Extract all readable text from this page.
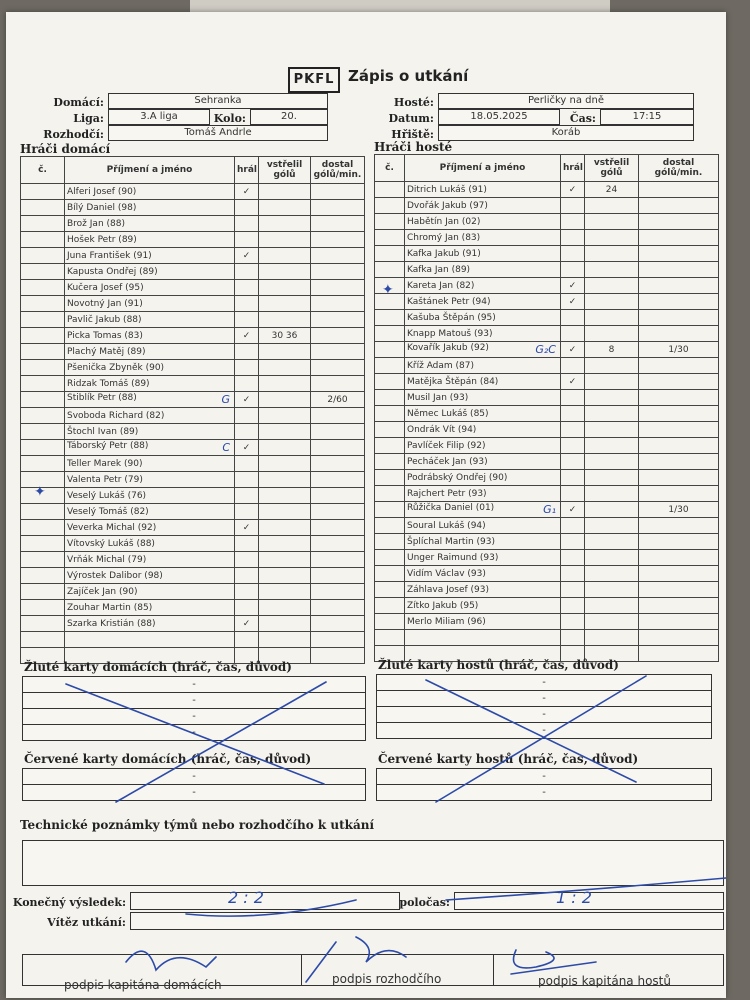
PKFL Zápis o utkání
Domácí:	Sehranka
Liga:	3.A liga	Kolo:	20.
Rozhodčí:	Tomáš Andrle
Hosté:	Perličky na dně
Datum:	18.05.2025	Čas:	17:15
Hřiště:	Koráb
Hráči domácí	Hráči hosté
č.	Příjmení a jméno	hrál	vstřelil gólů	dostal gólů/min.
	Alferi Josef (90)	✓		
	Bílý Daniel (98)			
	Brož Jan (88)			
	Hošek Petr (89)			
	Juna František (91)	✓		
	Kapusta Ondřej (89)			
	Kučera Josef (95)			
	Novotný Jan (91)			
	Pavlič Jakub (88)			
	Picka Tomas (83)	✓	30 36	
	Plachý Matěj (89)			
	Pšenička Zbyněk (90)			
	Ridzak Tomáš (89)			
	Stiblík Petr (88) G	✓		2/60
	Svoboda Richard (82)			
	Štochl Ivan (89)			
	Táborský Petr (88) C	✓		
	Teller Marek (90)			
	Valenta Petr (79)			
	Veselý Lukáš (76)			
	Veselý Tomáš (82)			
	Veverka Michal (92)	✓		
	Vítovský Lukáš (88)			
	Vrňák Michal (79)			
	Výrostek Dalibor (98)			
	Zajíček Jan (90)			
	Zouhar Martin (85)			
	Szarka Kristián (88)	✓		

č.	Příjmení a jméno	hrál	vstřelil gólů	dostal gólů/min.
	Ditrich Lukáš (91)	✓	24	
	Dvořák Jakub (97)			
	Habětín Jan (02)			
	Chromý Jan (83)			
	Kafka Jakub (91)			
	Kafka Jan (89)			
	Kareta Jan (82)	✓		
	Kaštánek Petr (94)	✓		
	Kašuba Štěpán (95)			
	Knapp Matouš (93)			
	Kovařík Jakub (92) G₂C	✓	8	1/30
	Kříž Adam (87)			
	Matějka Štěpán (84)	✓		
	Musil Jan (93)			
	Němec Lukáš (85)			
	Ondrák Vít (94)			
	Pavlíček Filip (92)			
	Pecháček Jan (93)			
	Podrábský Ondřej (90)			
	Rajchert Petr (93)			
	Růžička Daniel (01) G₁	✓		1/30
	Soural Lukáš (94)			
	Šplíchal Martin (93)			
	Unger Raimund (93)			
	Vidím Václav (93)			
	Záhlava Josef (93)			
	Zítko Jakub (95)			
	Merlo Miliam (96)			

✦
✦
Žluté karty domácích (hráč, čas, důvod)
-
-
-
-
Žluté karty hostů (hráč, čas, důvod)
-
-
-
-
Červené karty domácích (hráč, čas, důvod)
-
-
Červené karty hostů (hráč, čas, důvod)
-
-
Technické poznámky týmů nebo rozhodčího k utkání
Konečný výsledek:	2 : 2	poločas:	1 : 2
Vítěz utkání:
podpis kapitána domácích	podpis rozhodčího	podpis kapitána hostů
